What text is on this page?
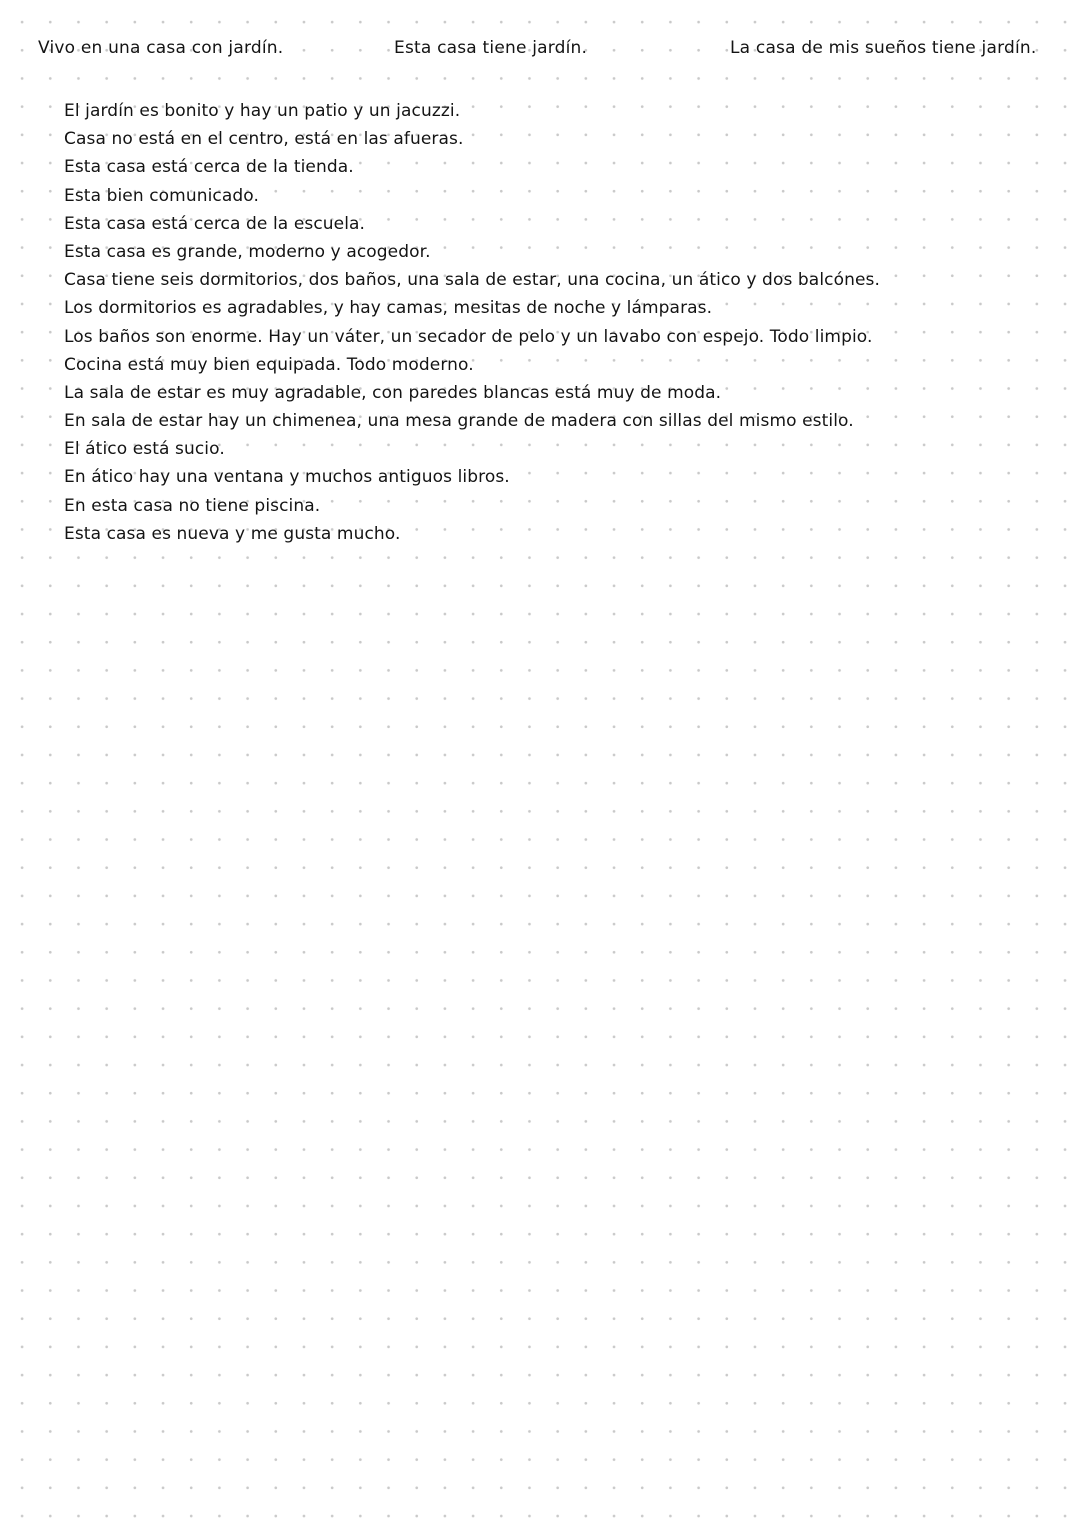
Vivo en una casa con jardín.	Esta casa tiene jardín.	La casa de mis sueños tiene jardín.
El jardín es bonito y hay un patio y un jacuzzi.
Casa no está en el centro, está en las afueras.
Esta casa está cerca de la tienda.
Esta bien comunicado.
Esta casa está cerca de la escuela.
Esta casa es grande, moderno y acogedor.
Casa tiene seis dormitorios, dos baños, una sala de estar, una cocina, un ático y dos balcónes.
Los dormitorios es agradables, y hay camas, mesitas de noche y lámparas.
Los baños son enorme. Hay un váter, un secador de pelo y un lavabo con espejo. Todo limpio.
Cocina está muy bien equipada. Todo moderno.
La sala de estar es muy agradable, con paredes blancas está muy de moda.
En sala de estar hay un chimenea, una mesa grande de madera con sillas del mismo estilo.
El ático está sucio.
En ático hay una ventana y muchos antiguos libros.
En esta casa no tiene piscina.
Esta casa es nueva y me gusta mucho.
